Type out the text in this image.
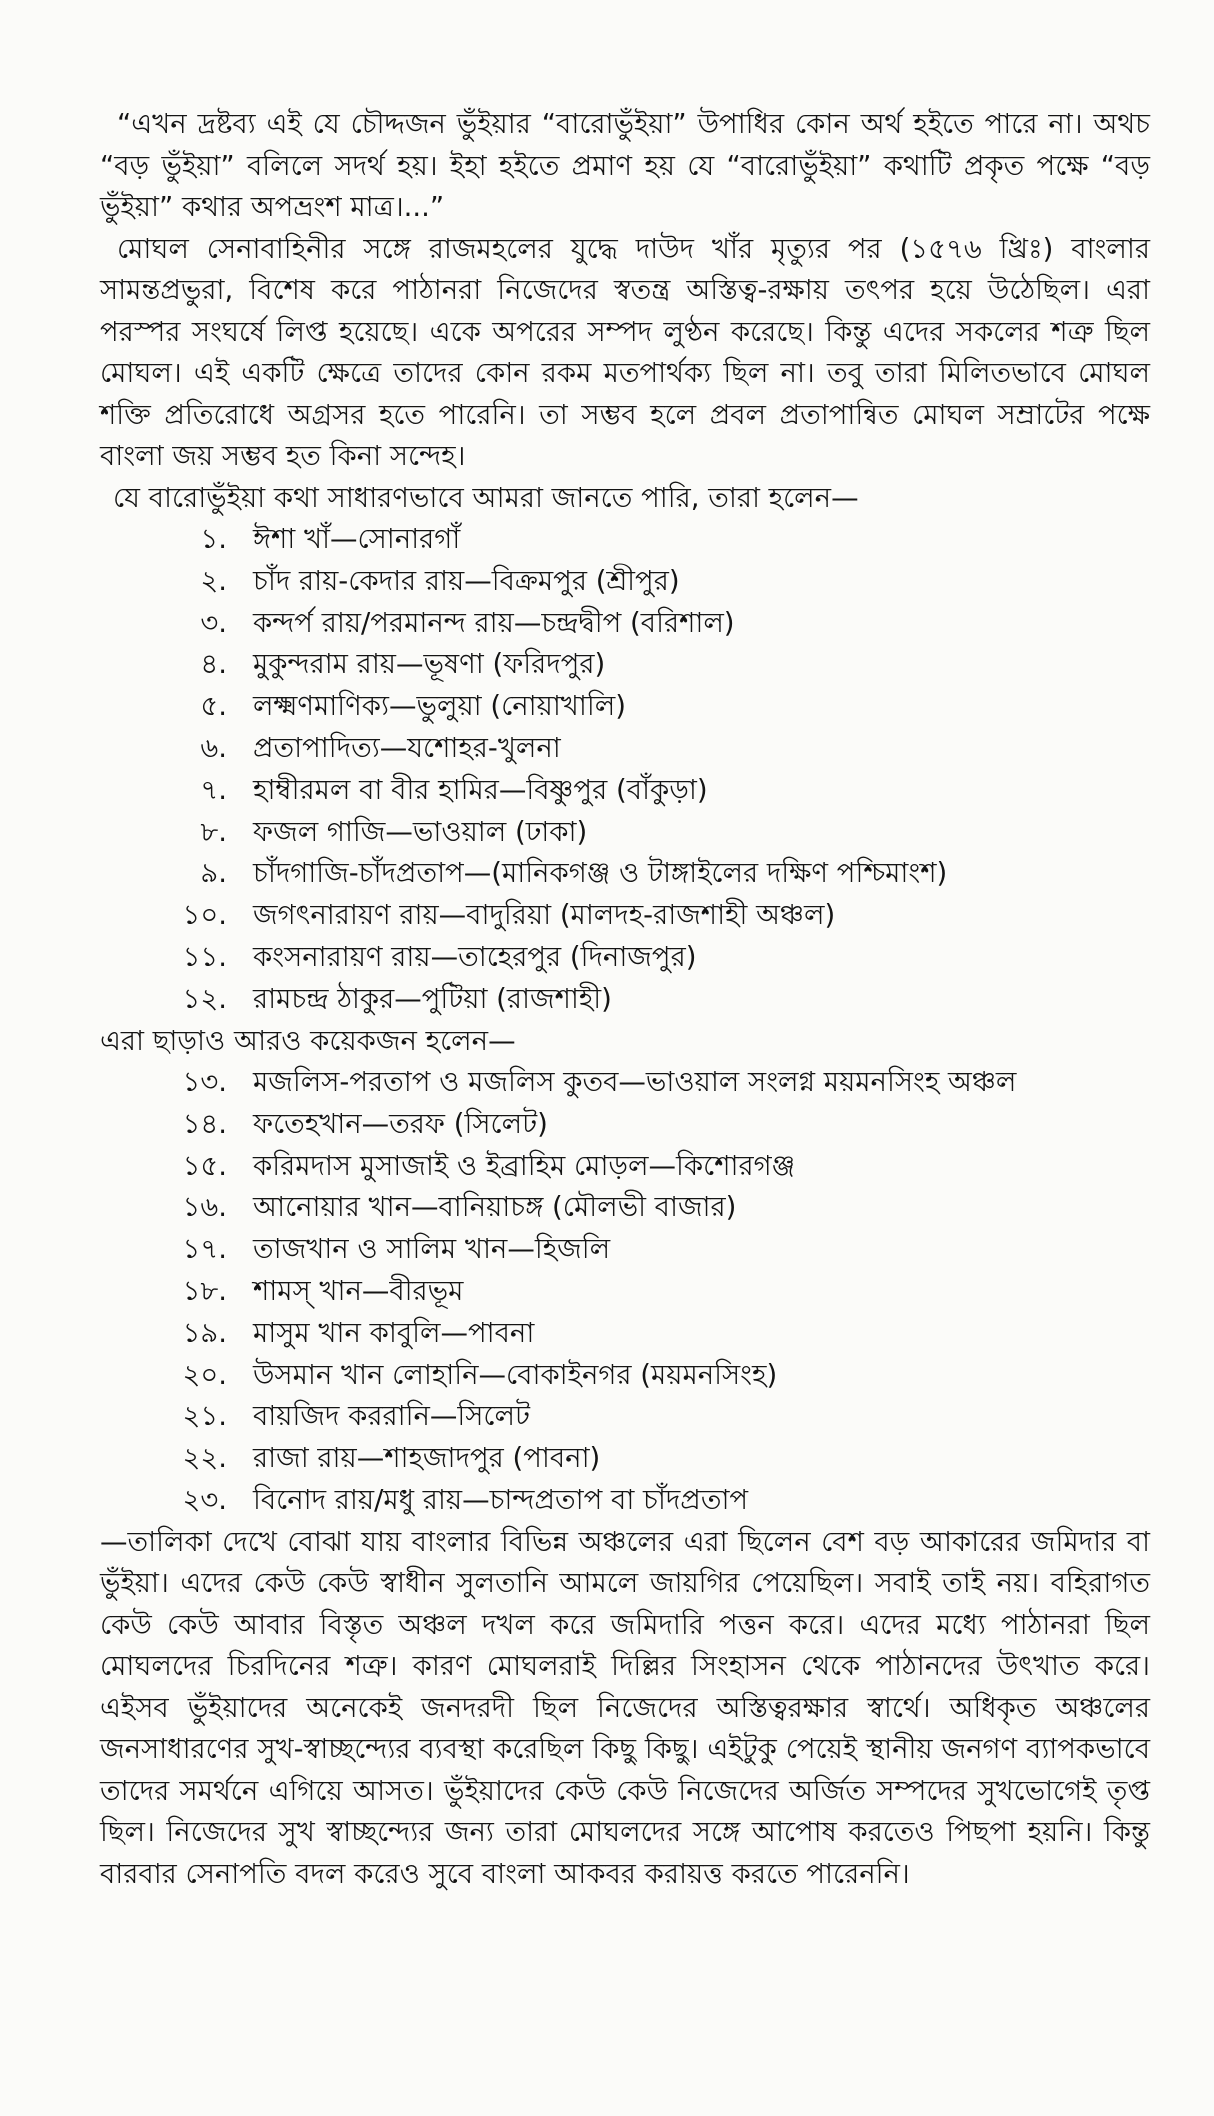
“এখন দ্রষ্টব্য এই যে চৌদ্দজন ভুঁইয়ার “বারোভুঁইয়া” উপাধির কোন অর্থ হইতে পারে না। অথচ “বড় ভুঁইয়া” বলিলে সদর্থ হয়। ইহা হইতে প্রমাণ হয় যে “বারোভুঁইয়া” কথাটি প্রকৃত পক্ষে “বড় ভুঁইয়া” কথার অপভ্রংশ মাত্র।...”

মোঘল সেনাবাহিনীর সঙ্গে রাজমহলের যুদ্ধে দাউদ খাঁর মৃত্যুর পর (১৫৭৬ খ্রিঃ) বাংলার সামন্তপ্রভুরা, বিশেষ করে পাঠানরা নিজেদের স্বতন্ত্র অস্তিত্ব-রক্ষায় তৎপর হয়ে উঠেছিল। এরা পরস্পর সংঘর্ষে লিপ্ত হয়েছে। একে অপরের সম্পদ লুণ্ঠন করেছে। কিন্তু এদের সকলের শত্রু ছিল মোঘল। এই একটি ক্ষেত্রে তাদের কোন রকম মতপার্থক্য ছিল না। তবু তারা মিলিতভাবে মোঘল শক্তি প্রতিরোধে অগ্রসর হতে পারেনি। তা সম্ভব হলে প্রবল প্রতাপান্বিত মোঘল সম্রাটের পক্ষে বাংলা জয় সম্ভব হত কিনা সন্দেহ।

যে বারোভুঁইয়া কথা সাধারণভাবে আমরা জানতে পারি, তারা হলেন—

১. ঈশা খাঁ—সোনারগাঁ
২. চাঁদ রায়-কেদার রায়—বিক্রমপুর (শ্রীপুর)
৩. কন্দর্প রায়/পরমানন্দ রায়—চন্দ্রদ্বীপ (বরিশাল)
৪. মুকুন্দরাম রায়—ভূষণা (ফরিদপুর)
৫. লক্ষ্মণমাণিক্য—ভুলুয়া (নোয়াখালি)
৬. প্রতাপাদিত্য—যশোহর-খুলনা
৭. হাম্বীরমল বা বীর হামির—বিষ্ণুপুর (বাঁকুড়া)
৮. ফজল গাজি—ভাওয়াল (ঢাকা)
৯. চাঁদগাজি-চাঁদপ্রতাপ—(মানিকগঞ্জ ও টাঙ্গাইলের দক্ষিণ পশ্চিমাংশ)
১০. জগৎনারায়ণ রায়—বাদুরিয়া (মালদহ-রাজশাহী অঞ্চল)
১১. কংসনারায়ণ রায়—তাহেরপুর (দিনাজপুর)
১২. রামচন্দ্র ঠাকুর—পুটিয়া (রাজশাহী)

এরা ছাড়াও আরও কয়েকজন হলেন—

১৩. মজলিস-পরতাপ ও মজলিস কুতব—ভাওয়াল সংলগ্ন ময়মনসিংহ অঞ্চল
১৪. ফতেহখান—তরফ (সিলেট)
১৫. করিমদাস মুসাজাই ও ইব্রাহিম মোড়ল—কিশোরগঞ্জ
১৬. আনোয়ার খান—বানিয়াচঙ্গ (মৌলভী বাজার)
১৭. তাজখান ও সালিম খান—হিজলি
১৮. শামস্‌ খান—বীরভূম
১৯. মাসুম খান কাবুলি—পাবনা
২০. উসমান খান লোহানি—বোকাইনগর (ময়মনসিংহ)
২১. বায়জিদ কররানি—সিলেট
২২. রাজা রায়—শাহজাদপুর (পাবনা)
২৩. বিনোদ রায়/মধু রায়—চান্দপ্রতাপ বা চাঁদপ্রতাপ

—তালিকা দেখে বোঝা যায় বাংলার বিভিন্ন অঞ্চলের এরা ছিলেন বেশ বড় আকারের জমিদার বা ভুঁইয়া। এদের কেউ কেউ স্বাধীন সুলতানি আমলে জায়গির পেয়েছিল। সবাই তাই নয়। বহিরাগত কেউ কেউ আবার বিস্তৃত অঞ্চল দখল করে জমিদারি পত্তন করে। এদের মধ্যে পাঠানরা ছিল মোঘলদের চিরদিনের শত্রু। কারণ মোঘলরাই দিল্লির সিংহাসন থেকে পাঠানদের উৎখাত করে। এইসব ভুঁইয়াদের অনেকেই জনদরদী ছিল নিজেদের অস্তিত্বরক্ষার স্বার্থে। অধিকৃত অঞ্চলের জনসাধারণের সুখ-স্বাচ্ছন্দ্যের ব্যবস্থা করেছিল কিছু কিছু। এইটুকু পেয়েই স্থানীয় জনগণ ব্যাপকভাবে তাদের সমর্থনে এগিয়ে আসত। ভুঁইয়াদের কেউ কেউ নিজেদের অর্জিত সম্পদের সুখভোগেই তৃপ্ত ছিল। নিজেদের সুখ স্বাচ্ছন্দ্যের জন্য তারা মোঘলদের সঙ্গে আপোষ করতেও পিছপা হয়নি। কিন্তু বারবার সেনাপতি বদল করেও সুবে বাংলা আকবর করায়ত্ত করতে পারেননি।
